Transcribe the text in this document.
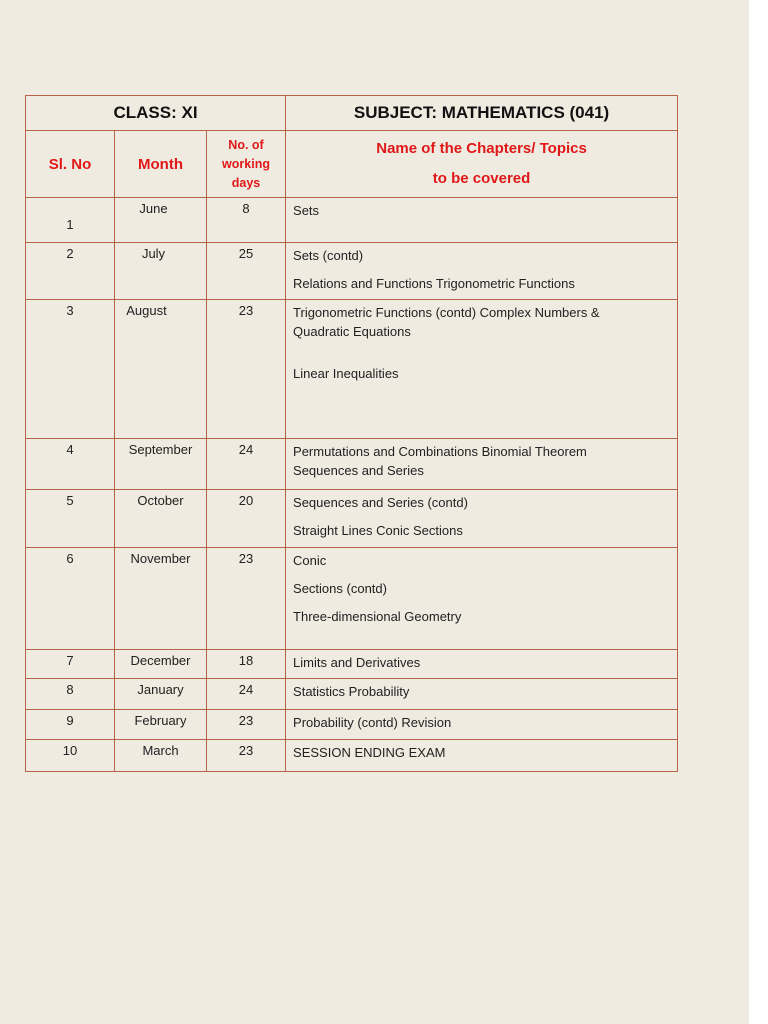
CLASS: XI			SUBJECT: MATHEMATICS (041)
Sl. No	Month	No. of
working
days	Name of the Chapters/ Topics
to be covered

1	June	8	Sets

2	July	25	Sets (contd)
Relations and Functions Trigonometric Functions

3	August	23	Trigonometric Functions (contd) Complex Numbers &
Quadratic Equations
Linear Inequalities

4	September	24	Permutations and Combinations Binomial Theorem
Sequences and Series

5	October	20	Sequences and Series (contd)
Straight Lines Conic Sections

6	November	23	Conic
Sections (contd)
Three-dimensional Geometry

7	December	18	Limits and Derivatives

8	January	24	Statistics Probability

9	February	23	Probability (contd) Revision

10	March	23	SESSION ENDING EXAM
